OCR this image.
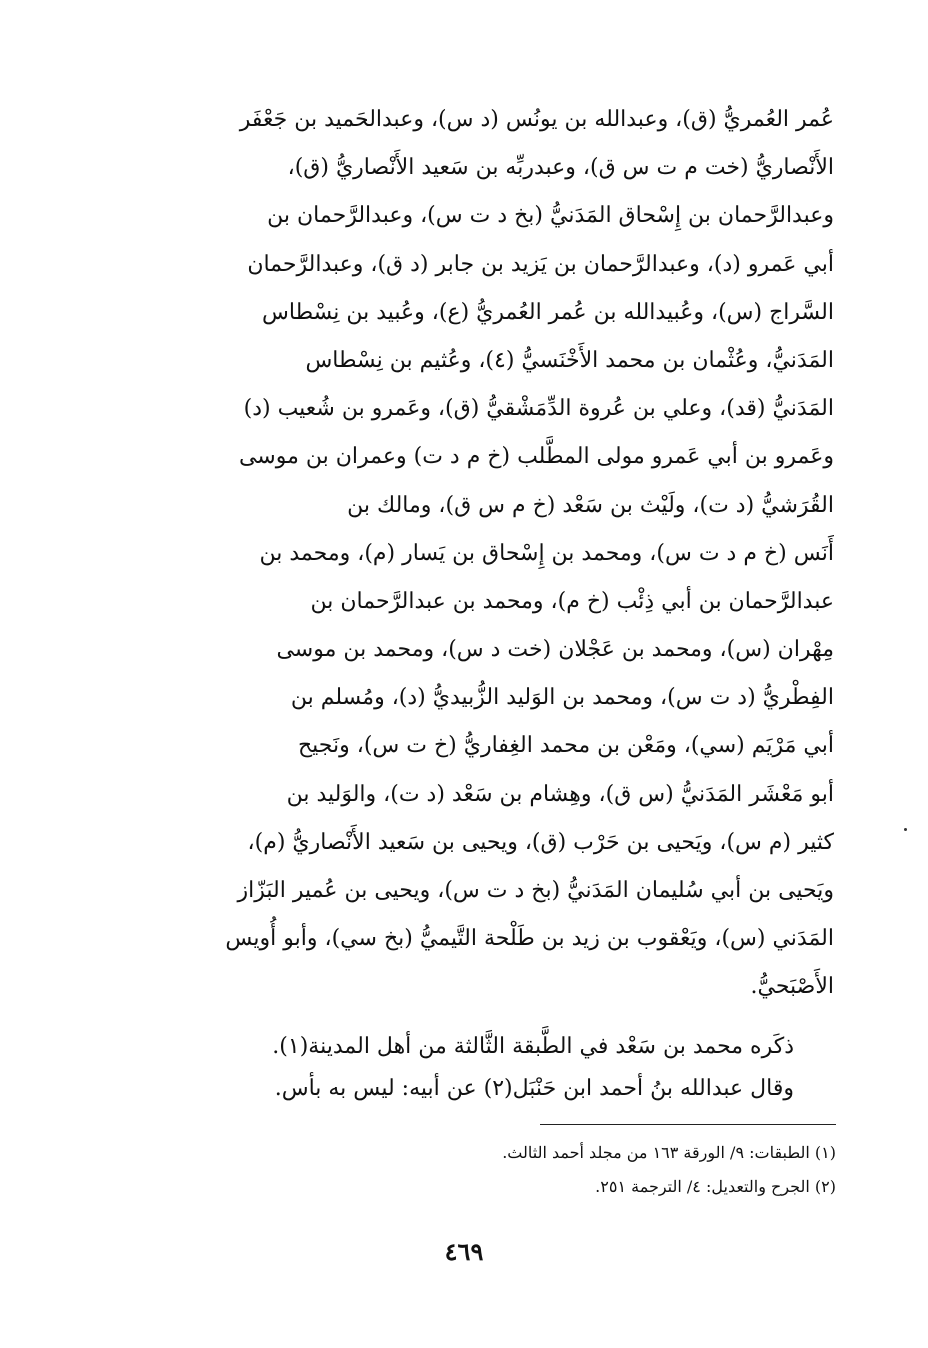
عُمر العُمريُّ (ق)، وعبدالله بن يونُس (د س)، وعبدالحَميد بن جَعْفَر
الأَنْصاريُّ (خت م ت س ق)، وعبدربِّه بن سَعيد الأَنْصاريُّ (ق)،
وعبدالرَّحمان بن إِسْحاق المَدَنيُّ (بخ د ت س)، وعبدالرَّحمان بن
أبي عَمرو (د)، وعبدالرَّحمان بن يَزيد بن جابر (د ق)، وعبدالرَّحمان
السَّراج (س)، وعُبيدالله بن عُمر العُمريُّ (ع)، وعُبيد بن نِسْطاس
المَدَنيُّ، وعُثْمان بن محمد الأَخْنَسيُّ (٤)، وعُثيم بن نِسْطاس
المَدَنيُّ (قد)، وعلي بن عُروة الدِّمَشْقيُّ (ق)، وعَمرو بن شُعيب (د)
وعَمرو بن أبي عَمرو مولى المطَّلب (خ م د ت) وعمران بن موسى
القُرَشيُّ (د ت)، ولَيْث بن سَعْد (خ م س ق)، ومالك بن
أَنَس (خ م د ت س)، ومحمد بن إِسْحاق بن يَسار (م)، ومحمد بن
عبدالرَّحمان بن أبي ذِئْب (خ م)، ومحمد بن عبدالرَّحمان بن
مِهْران (س)، ومحمد بن عَجْلان (خت د س)، ومحمد بن موسى
الفِطْريُّ (د ت س)، ومحمد بن الوَليد الزُّبيديُّ (د)، ومُسلم بن
أبي مَرْيَم (سي)، ومَعْن بن محمد الغِفاريُّ (خ ت س)، ونَجيح
أبو مَعْشَر المَدَنيُّ (س ق)، وهِشام بن سَعْد (د ت)، والوَليد بن
كثير (م س)، ويَحيى بن حَرْب (ق)، ويحيى بن سَعيد الأَنْصاريُّ (م)،
ويَحيى بن أبي سُليمان المَدَنيُّ (بخ د ت س)، ويحيى بن عُمير البَزّاز
المَدَني (س)، ويَعْقوب بن زيد بن طَلْحة التَّيميُّ (بخ سي)، وأبو أُويس
الأَصْبَحيُّ.
ذكَره محمد بن سَعْد في الطَّبقة الثَّالثة من أهل المدينة(١).
وقال عبدالله بنُ أحمد ابن حَنْبَل(٢) عن أبيه: ليس به بأس.
(١) الطبقات: ٩/ الورقة ١٦٣ من مجلد أحمد الثالث.
(٢) الجرح والتعديل: ٤/ الترجمة ٢٥١.
٤٦٩
